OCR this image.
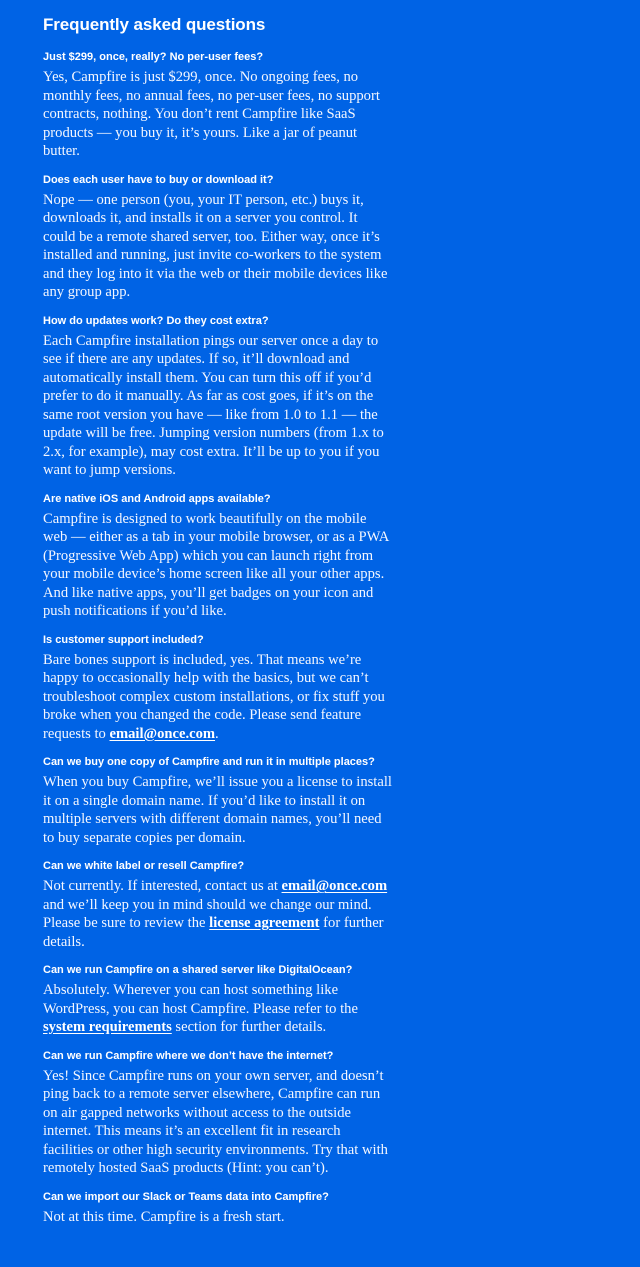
Frequently asked questions
Just $299, once, really? No per-user fees?

Yes, Campfire is just $299, once. No ongoing fees, no monthly fees, no annual fees, no per-user fees, no support contracts, nothing. You don’t rent Campfire like SaaS products — you buy it, it’s yours. Like a jar of peanut butter.

Does each user have to buy or download it?

Nope — one person (you, your IT person, etc.) buys it, downloads it, and installs it on a server you control. It could be a remote shared server, too. Either way, once it’s installed and running, just invite co-workers to the system and they log into it via the web or their mobile devices like any group app.

How do updates work? Do they cost extra?

Each Campfire installation pings our server once a day to see if there are any updates. If so, it’ll download and automatically install them. You can turn this off if you’d prefer to do it manually. As far as cost goes, if it’s on the same root version you have — like from 1.0 to 1.1 — the update will be free. Jumping version numbers (from 1.x to 2.x, for example), may cost extra. It’ll be up to you if you want to jump versions.

Are native iOS and Android apps available?

Campfire is designed to work beautifully on the mobile web — either as a tab in your mobile browser, or as a PWA (Progressive Web App) which you can launch right from your mobile device’s home screen like all your other apps. And like native apps, you’ll get badges on your icon and push notifications if you’d like.

Is customer support included?

Bare bones support is included, yes. That means we’re happy to occasionally help with the basics, but we can’t troubleshoot complex custom installations, or fix stuff you broke when you changed the code. Please send feature requests to email@once.com.

Can we buy one copy of Campfire and run it in multiple places?

When you buy Campfire, we’ll issue you a license to install it on a single domain name. If you’d like to install it on multiple servers with different domain names, you’ll need to buy separate copies per domain.

Can we white label or resell Campfire?

Not currently. If interested, contact us at email@once.com and we’ll keep you in mind should we change our mind. Please be sure to review the license agreement for further details.

Can we run Campfire on a shared server like DigitalOcean?

Absolutely. Wherever you can host something like WordPress, you can host Campfire. Please refer to the system requirements section for further details.

Can we run Campfire where we don’t have the internet?

Yes! Since Campfire runs on your own server, and doesn’t ping back to a remote server elsewhere, Campfire can run on air gapped networks without access to the outside internet. This means it’s an excellent fit in research facilities or other high security environments. Try that with remotely hosted SaaS products (Hint: you can’t).

Can we import our Slack or Teams data into Campfire?

Not at this time. Campfire is a fresh start.
